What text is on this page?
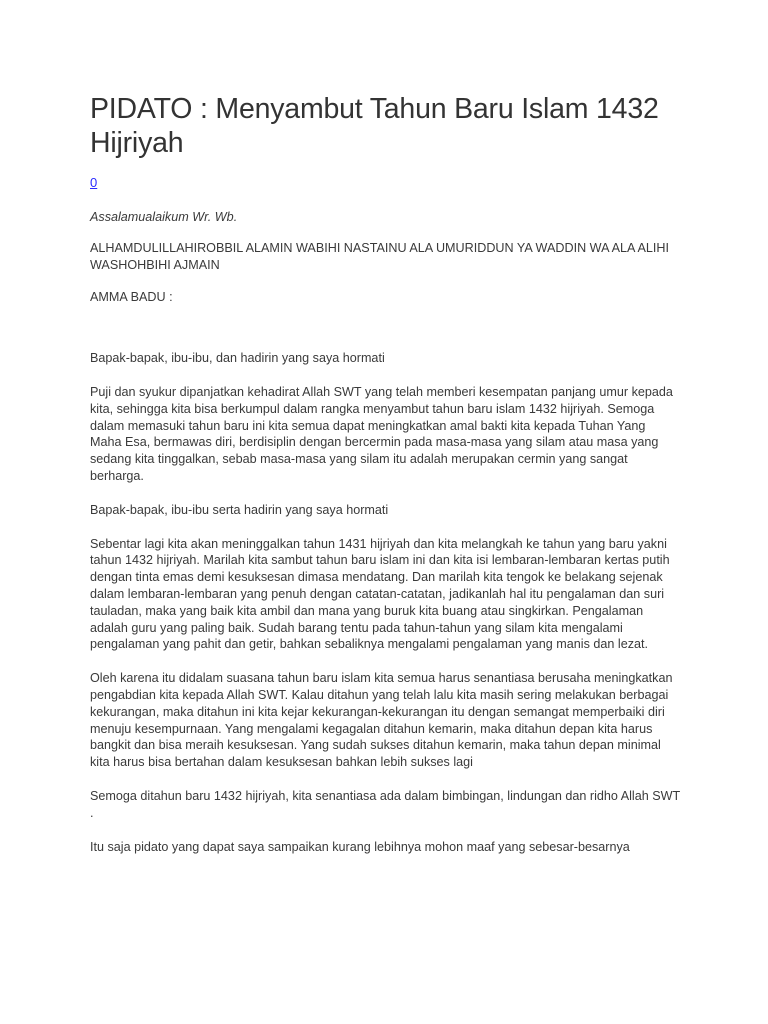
PIDATO : Menyambut Tahun Baru Islam 1432 Hijriyah
0

Assalamualaikum Wr. Wb.

ALHAMDULILLAHIROBBIL ALAMIN WABIHI NASTAINU ALA UMURIDDUN YA WADDIN WA ALA ALIHI WASHOHBIHI AJMAIN

AMMA BADU :

Bapak-bapak, ibu-ibu, dan hadirin yang saya hormati

Puji dan syukur dipanjatkan kehadirat Allah SWT yang telah memberi kesempatan panjang umur kepada kita, sehingga kita bisa berkumpul dalam rangka menyambut tahun baru islam 1432 hijriyah. Semoga dalam memasuki tahun baru ini kita semua dapat meningkatkan amal bakti kita kepada Tuhan Yang Maha Esa, bermawas diri, berdisiplin dengan bercermin pada masa-masa yang silam atau masa yang sedang kita tinggalkan, sebab masa-masa yang silam itu adalah merupakan cermin yang sangat berharga.

Bapak-bapak, ibu-ibu serta hadirin yang saya hormati

Sebentar lagi kita akan meninggalkan tahun 1431 hijriyah dan kita melangkah ke tahun yang baru yakni tahun 1432 hijriyah. Marilah kita sambut tahun baru islam ini dan kita isi lembaran-lembaran kertas putih dengan tinta emas demi kesuksesan dimasa mendatang. Dan marilah kita tengok ke belakang sejenak dalam lembaran-lembaran yang penuh dengan catatan-catatan, jadikanlah hal itu pengalaman dan suri tauladan, maka yang baik kita ambil dan mana yang buruk kita buang atau singkirkan. Pengalaman adalah guru yang paling baik. Sudah barang tentu pada tahun-tahun yang silam kita mengalami pengalaman yang pahit dan getir, bahkan sebaliknya mengalami pengalaman yang manis dan lezat.

Oleh karena itu didalam suasana tahun baru islam kita semua harus senantiasa berusaha meningkatkan pengabdian kita kepada Allah SWT. Kalau ditahun yang telah lalu kita masih sering melakukan berbagai kekurangan, maka ditahun ini kita kejar kekurangan-kekurangan itu dengan semangat memperbaiki diri menuju kesempurnaan. Yang mengalami kegagalan ditahun kemarin, maka ditahun depan kita harus bangkit dan bisa meraih kesuksesan. Yang sudah sukses ditahun kemarin, maka tahun depan minimal kita harus bisa bertahan dalam kesuksesan bahkan lebih sukses lagi

Semoga ditahun baru 1432 hijriyah, kita senantiasa ada dalam bimbingan, lindungan dan ridho Allah SWT .

Itu saja pidato yang dapat saya sampaikan kurang lebihnya mohon maaf yang sebesar-besarnya
